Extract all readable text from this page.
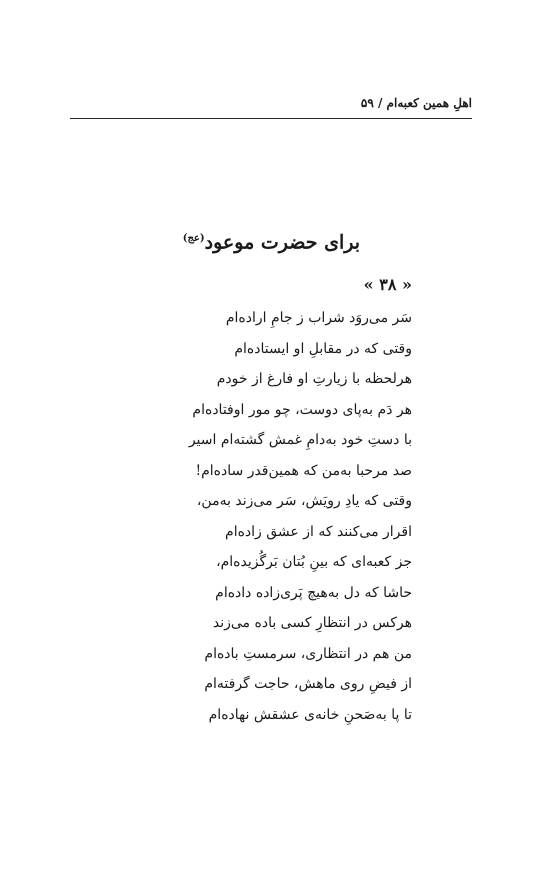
اهلِ همین کعبه‌ام / ۵۹
برای حضرت موعود$^{(عج)}$
« ۳۸ »
سَر می‌روَد شراب ز جامِ اراده‌ام
وقتی که در مقابلِ او ایستاده‌ام
هرلحظه با زیارتِ او فارغ از خودم
هر دَم به‌پای دوست، چو مور اوفتاده‌ام
با دستِ خود به‌دامِ غمش گشته‌ام اسیر
صد مرحبا به‌من که همین‌قدر ساده‌ام!
وقتی که یادِ رویَش، سَر می‌زند به‌من،
اقرار می‌کنند که از عشق زاده‌ام
جز کعبه‌ای که بینِ بُتان بَرگُزیده‌ام،
حاشا که دل به‌هیچ پَری‌زاده داده‌ام
هرکس در انتظارِ کسی باده می‌زند
من هم در انتظاری، سرمستِ باده‌ام
از فیضِ روی ماهش، حاجت گرفته‌ام
تا پا به‌صَحنِ خانه‌ی عشقش نهاده‌ام
